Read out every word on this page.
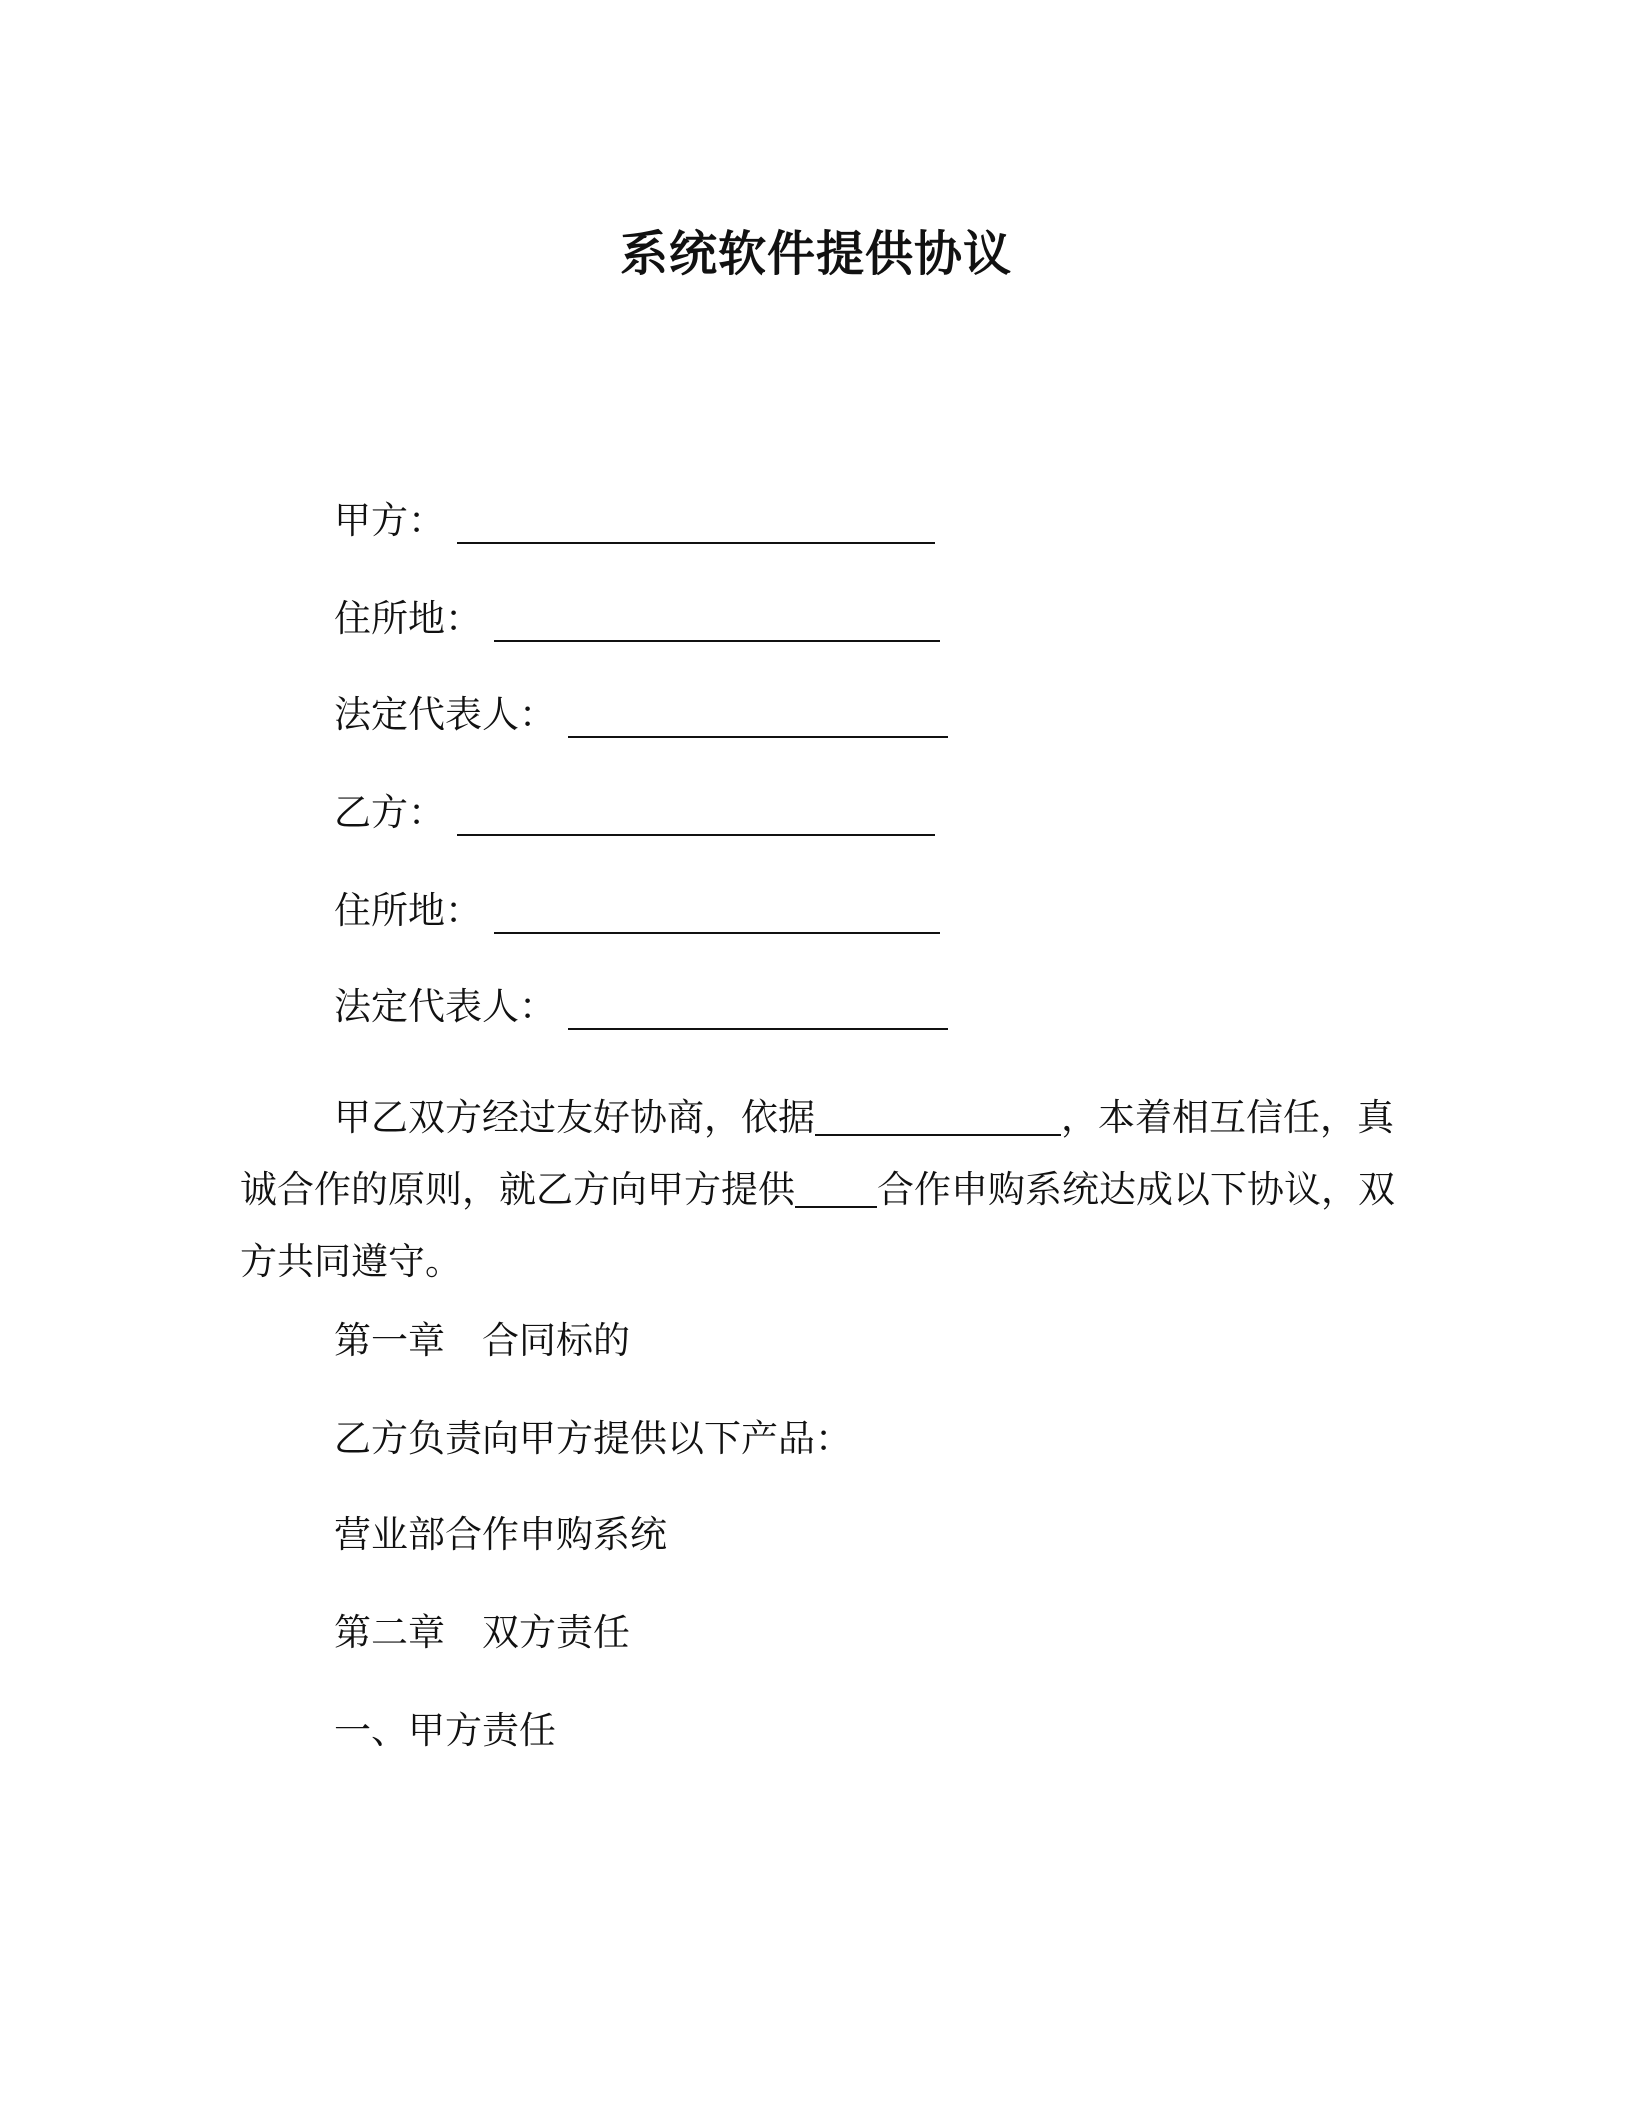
系统软件提供协议
甲方：
住所地：
法定代表人：
乙方：
住所地：
法定代表人：

甲乙双方经过友好协商，依据	，本着相互信任，真诚合作的原则，就乙方向甲方提供 合作申购系统达成以下协议，双方共同遵守。

第一章　合同标的

乙方负责向甲方提供以下产品：

营业部合作申购系统

第二章　双方责任

一、甲方责任
